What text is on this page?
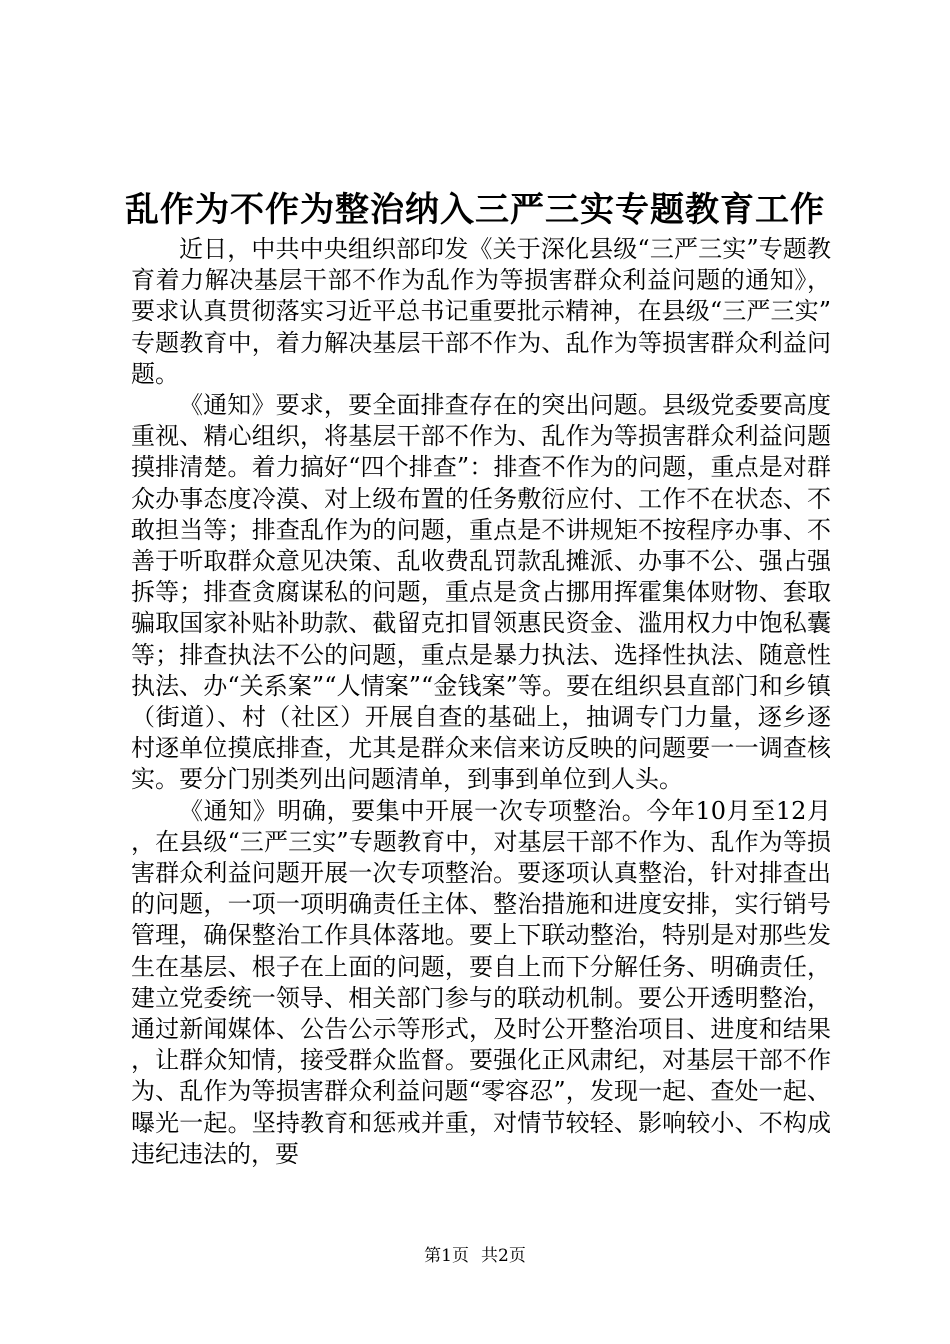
乱作为不作为整治纳入三严三实专题教育工作

近日，中共中央组织部印发《关于深化县级“三严三实”专题教育着力解决基层干部不作为乱作为等损害群众利益问题的通知》，要求认真贯彻落实习近平总书记重要批示精神，在县级“三严三实”专题教育中，着力解决基层干部不作为、乱作为等损害群众利益问题。

《通知》要求，要全面排查存在的突出问题。县级党委要高度重视、精心组织，将基层干部不作为、乱作为等损害群众利益问题摸排清楚。着力搞好“四个排查”：排查不作为的问题，重点是对群众办事态度冷漠、对上级布置的任务敷衍应付、工作不在状态、不敢担当等；排查乱作为的问题，重点是不讲规矩不按程序办事、不善于听取群众意见决策、乱收费乱罚款乱摊派、办事不公、强占强拆等；排查贪腐谋私的问题，重点是贪占挪用挥霍集体财物、套取骗取国家补贴补助款、截留克扣冒领惠民资金、滥用权力中饱私囊等；排查执法不公的问题，重点是暴力执法、选择性执法、随意性执法、办“关系案”“人情案”“金钱案”等。要在组织县直部门和乡镇（街道）、村（社区）开展自查的基础上，抽调专门力量，逐乡逐村逐单位摸底排查，尤其是群众来信来访反映的问题要一一调查核实。要分门别类列出问题清单，到事到单位到人头。

《通知》明确，要集中开展一次专项整治。今年10月至12月，在县级“三严三实”专题教育中，对基层干部不作为、乱作为等损害群众利益问题开展一次专项整治。要逐项认真整治，针对排查出的问题，一项一项明确责任主体、整治措施和进度安排，实行销号管理，确保整治工作具体落地。要上下联动整治，特别是对那些发生在基层、根子在上面的问题，要自上而下分解任务、明确责任，建立党委统一领导、相关部门参与的联动机制。要公开透明整治，通过新闻媒体、公告公示等形式，及时公开整治项目、进度和结果，让群众知情，接受群众监督。要强化正风肃纪，对基层干部不作为、乱作为等损害群众利益问题“零容忍”，发现一起、查处一起、曝光一起。坚持教育和惩戒并重，对情节较轻、影响较小、不构成违纪违法的，要

第1页 共2页
